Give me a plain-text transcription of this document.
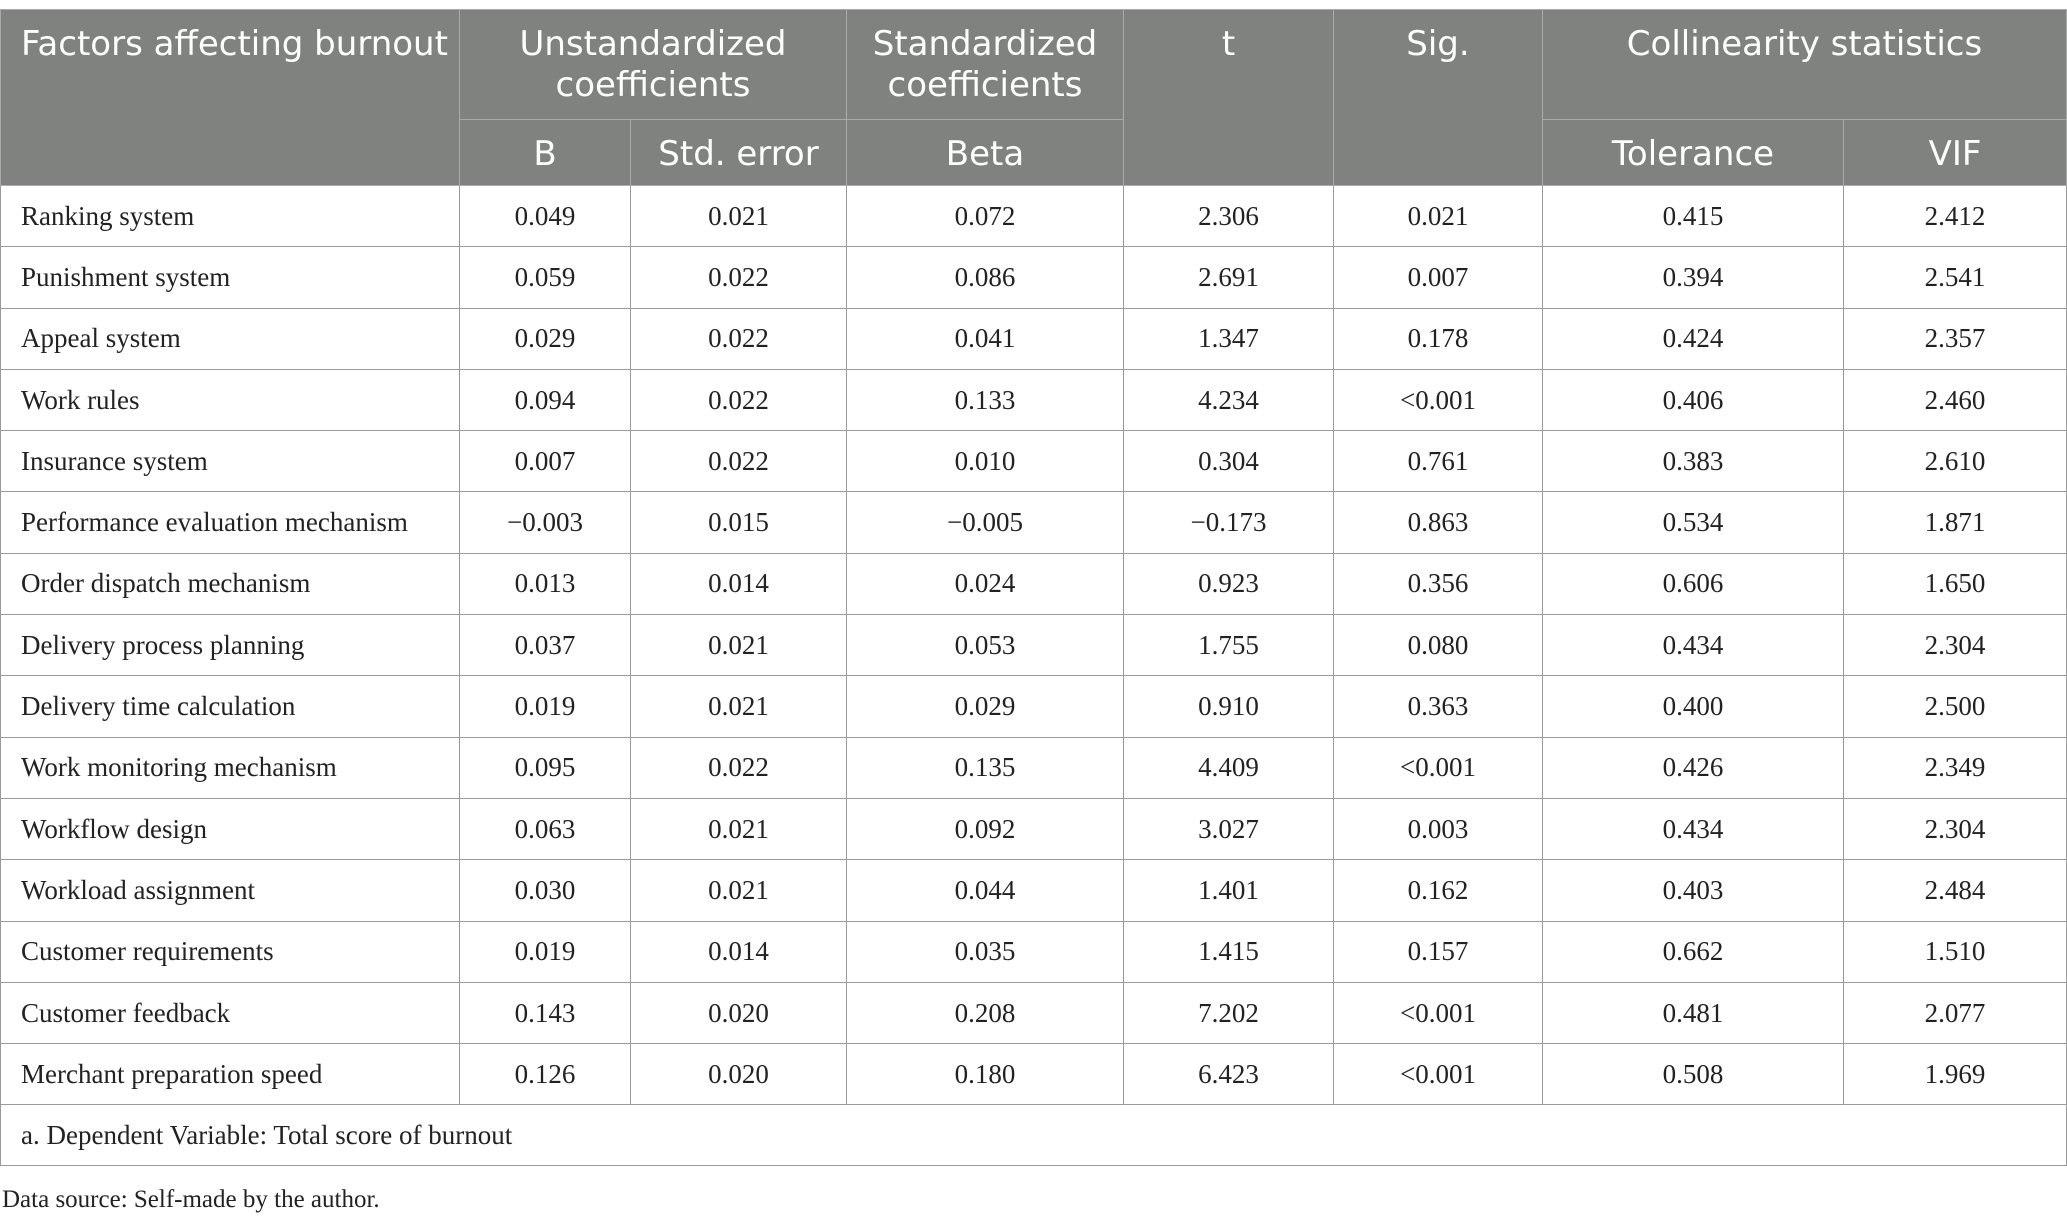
Factors affecting burnout	Unstandardized coefficients		Standardized coefficients	t	Sig.	Collinearity statistics	
	B	Std. error	Beta			Tolerance	VIF
Ranking system	0.049	0.021	0.072	2.306	0.021	0.415	2.412
Punishment system	0.059	0.022	0.086	2.691	0.007	0.394	2.541
Appeal system	0.029	0.022	0.041	1.347	0.178	0.424	2.357
Work rules	0.094	0.022	0.133	4.234	<0.001	0.406	2.460
Insurance system	0.007	0.022	0.010	0.304	0.761	0.383	2.610
Performance evaluation mechanism	−0.003	0.015	−0.005	−0.173	0.863	0.534	1.871
Order dispatch mechanism	0.013	0.014	0.024	0.923	0.356	0.606	1.650
Delivery process planning	0.037	0.021	0.053	1.755	0.080	0.434	2.304
Delivery time calculation	0.019	0.021	0.029	0.910	0.363	0.400	2.500
Work monitoring mechanism	0.095	0.022	0.135	4.409	<0.001	0.426	2.349
Workflow design	0.063	0.021	0.092	3.027	0.003	0.434	2.304
Workload assignment	0.030	0.021	0.044	1.401	0.162	0.403	2.484
Customer requirements	0.019	0.014	0.035	1.415	0.157	0.662	1.510
Customer feedback	0.143	0.020	0.208	7.202	<0.001	0.481	2.077
Merchant preparation speed	0.126	0.020	0.180	6.423	<0.001	0.508	1.969
a. Dependent Variable: Total score of burnout							
Data source: Self-made by the author.
